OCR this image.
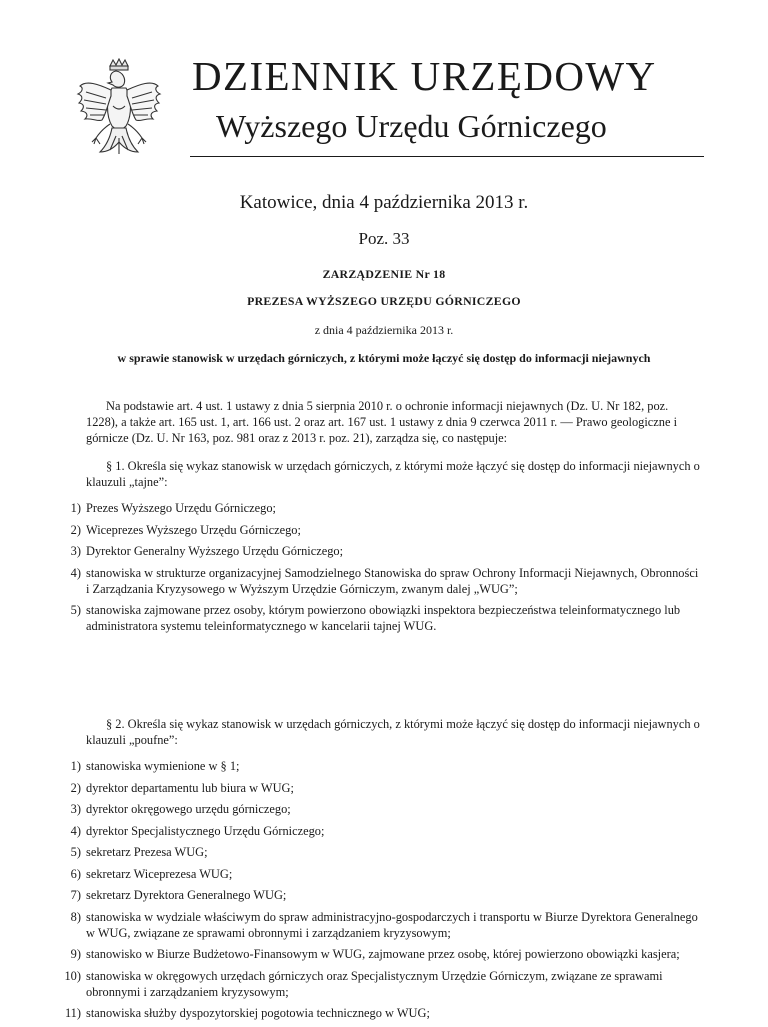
DZIENNIK URZĘDOWY
Wyższego Urzędu Górniczego
Katowice, dnia 4 października 2013 r.
Poz. 33
ZARZĄDZENIE Nr 18
PREZESA WYŻSZEGO URZĘDU GÓRNICZEGO
z dnia 4 października 2013 r.
w sprawie stanowisk w urzędach górniczych, z którymi może łączyć się dostęp do informacji niejawnych

Na podstawie art. 4 ust. 1 ustawy z dnia 5 sierpnia 2010 r. o ochronie informacji niejawnych (Dz. U. Nr 182, poz. 1228), a także art. 165 ust. 1, art. 166 ust. 2 oraz art. 167 ust. 1 ustawy z dnia 9 czerwca 2011 r. — Prawo geologiczne i górnicze (Dz. U. Nr 163, poz. 981 oraz z 2013 r. poz. 21), zarządza się, co następuje:

§ 1. Określa się wykaz stanowisk w urzędach górniczych, z którymi może łączyć się dostęp do informacji niejawnych o klauzuli „tajne”:

1) Prezes Wyższego Urzędu Górniczego;
2) Wiceprezes Wyższego Urzędu Górniczego;
3) Dyrektor Generalny Wyższego Urzędu Górniczego;
4) stanowiska w strukturze organizacyjnej Samodzielnego Stanowiska do spraw Ochrony Informacji Niejawnych, Obronności i Zarządzania Kryzysowego w Wyższym Urzędzie Górniczym, zwanym dalej „WUG”;
5) stanowiska zajmowane przez osoby, którym powierzono obowiązki inspektora bezpieczeństwa teleinformatycznego lub administratora systemu teleinformatycznego w kancelarii tajnej WUG.

§ 2. Określa się wykaz stanowisk w urzędach górniczych, z którymi może łączyć się dostęp do informacji niejawnych o klauzuli „poufne”:

1) stanowiska wymienione w § 1;
2) dyrektor departamentu lub biura w WUG;
3) dyrektor okręgowego urzędu górniczego;
4) dyrektor Specjalistycznego Urzędu Górniczego;
5) sekretarz Prezesa WUG;
6) sekretarz Wiceprezesa WUG;
7) sekretarz Dyrektora Generalnego WUG;
8) stanowiska w wydziale właściwym do spraw administracyjno-gospodarczych i transportu w Biurze Dyrektora Generalnego w WUG, związane ze sprawami obronnymi i zarządzaniem kryzysowym;
9) stanowisko w Biurze Budżetowo-Finansowym w WUG, zajmowane przez osobę, której powierzono obowiązki kasjera;
10) stanowiska w okręgowych urzędach górniczych oraz Specjalistycznym Urzędzie Górniczym, związane ze sprawami obronnymi i zarządzaniem kryzysowym;
11) stanowiska służby dyspozytorskiej pogotowia technicznego w WUG;
